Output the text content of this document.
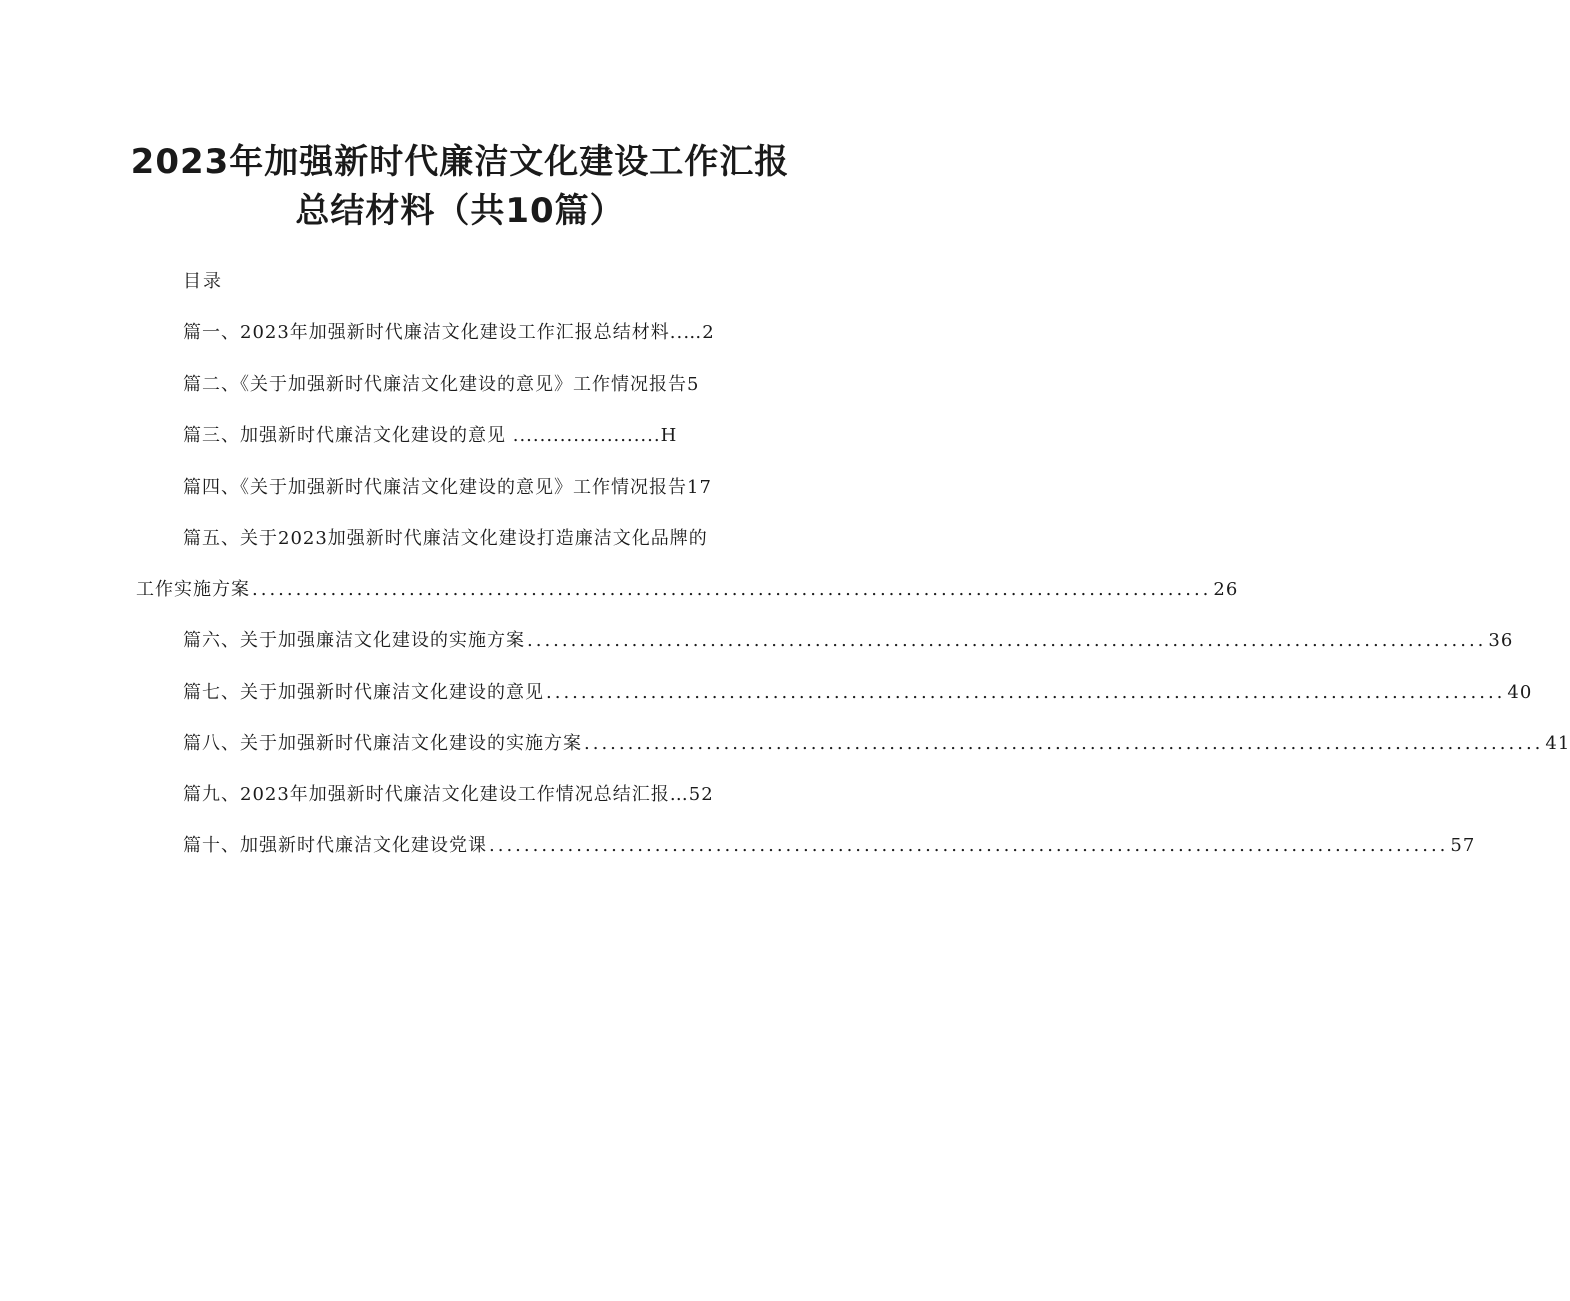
2023年加强新时代廉洁文化建设工作汇报
总结材料（共10篇）
目录
篇一、2023年加强新时代廉洁文化建设工作汇报总结材料..…2
篇二、《关于加强新时代廉洁文化建设的意见》工作情况报告5
篇三、加强新时代廉洁文化建设的意见 ......................H
篇四、《关于加强新时代廉洁文化建设的意见》工作情况报告17
篇五、关于2023加强新时代廉洁文化建设打造廉洁文化品牌的
工作实施方案 .............................................................................................................. 26
篇六、关于加强廉洁文化建设的实施方案 .............................................................................................................. 36
篇七、关于加强新时代廉洁文化建设的意见 .............................................................................................................. 40
篇八、关于加强新时代廉洁文化建设的实施方案 .............................................................................................................. 41
篇九、2023年加强新时代廉洁文化建设工作情况总结汇报…52
篇十、加强新时代廉洁文化建设党课 .............................................................................................................. 57
